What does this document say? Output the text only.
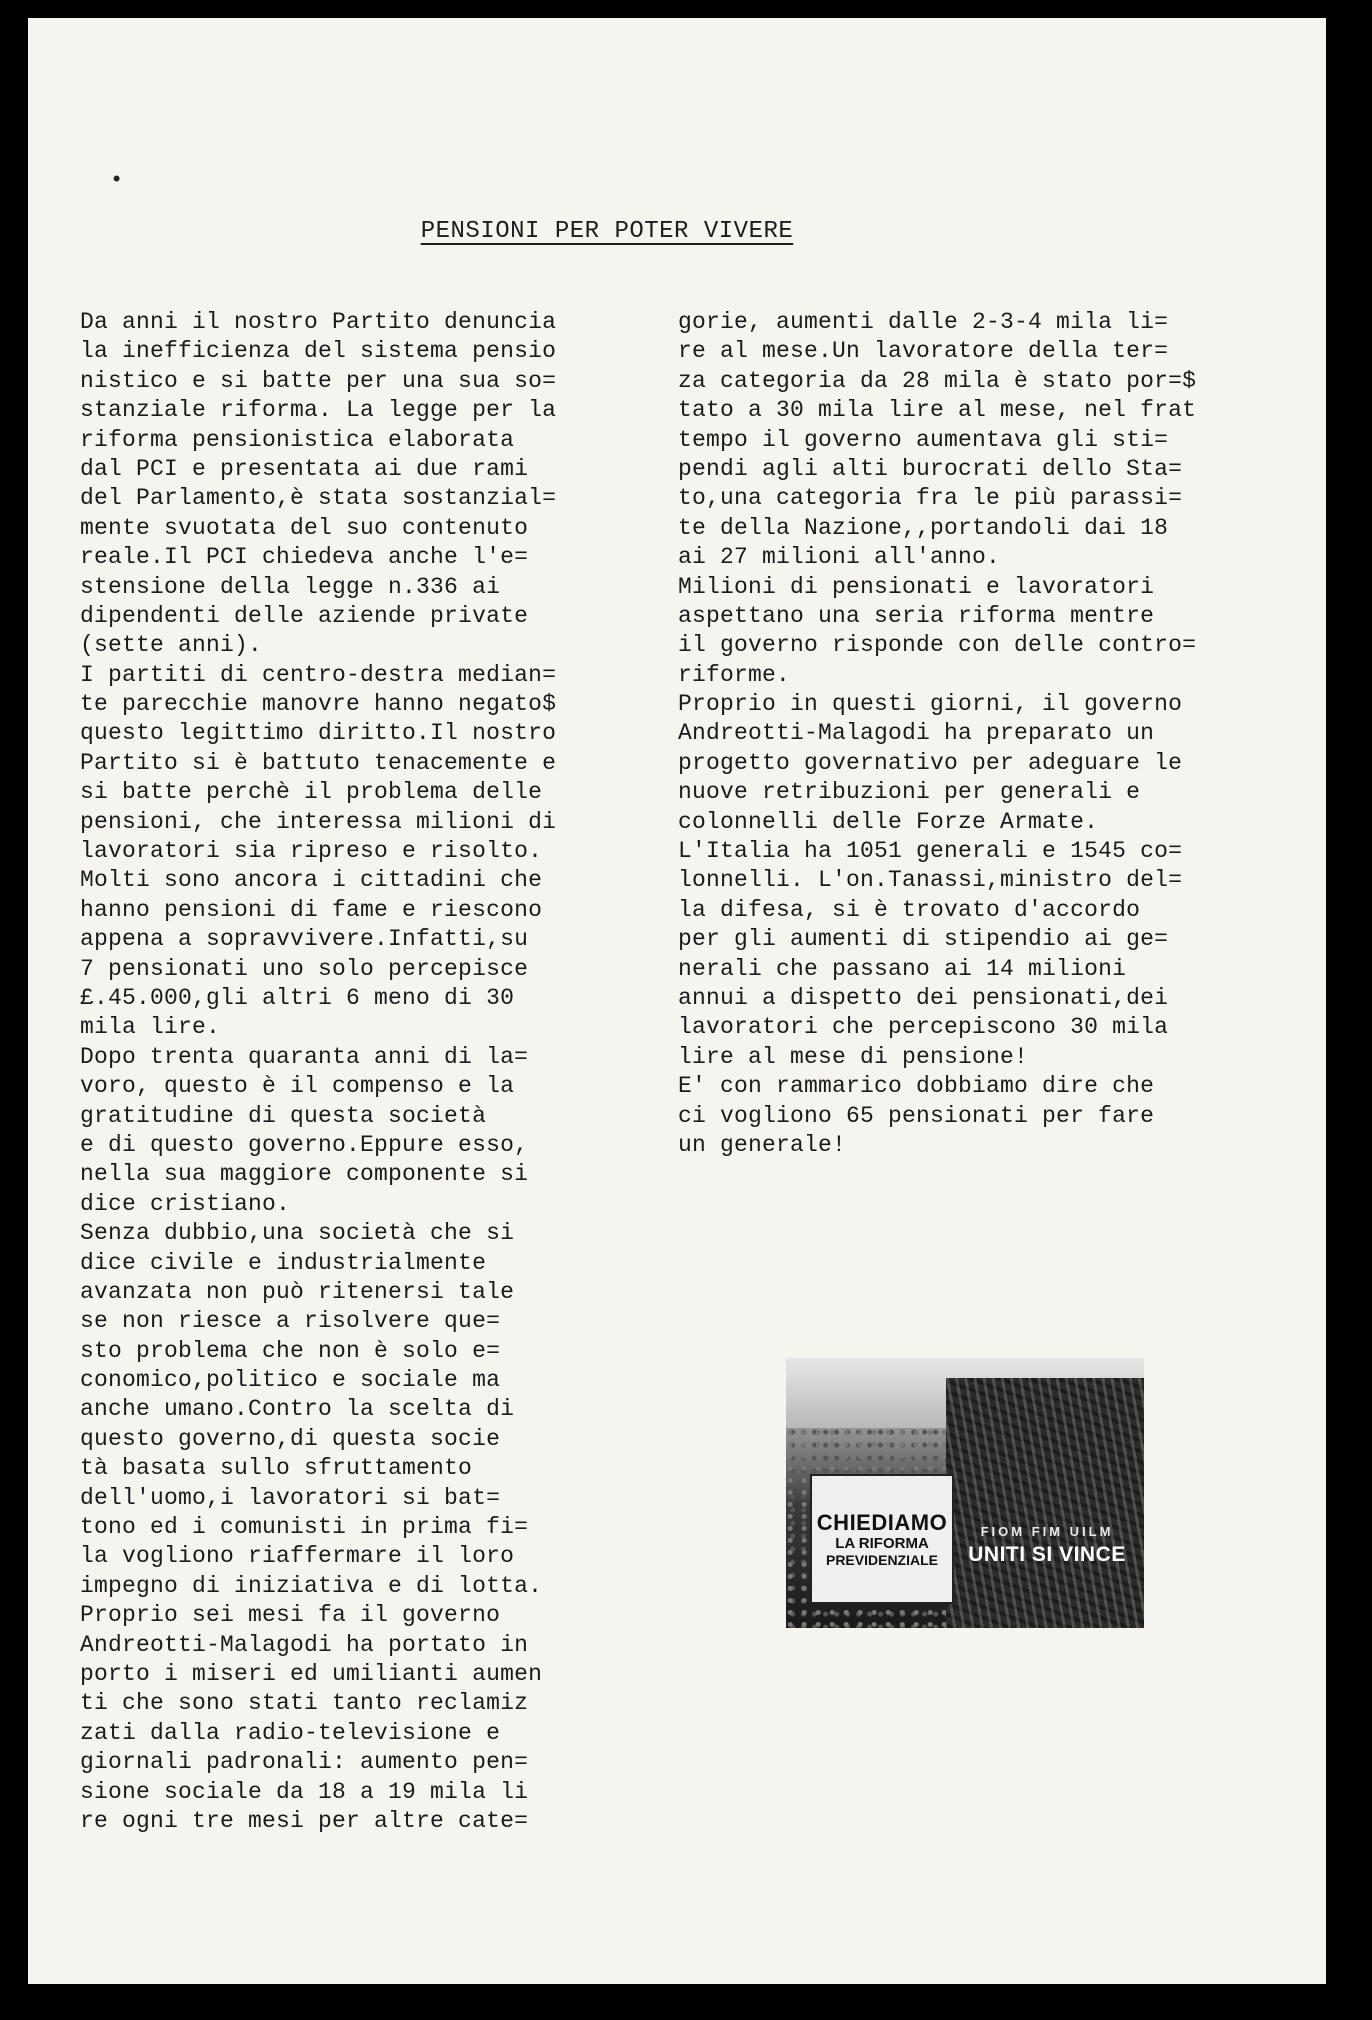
•
PENSIONI PER POTER VIVERE
Da anni il nostro Partito denuncia
la inefficienza del sistema pensio
nistico e si batte per una sua so=
stanziale riforma. La legge per la
riforma pensionistica elaborata
dal PCI e presentata ai due rami
del Parlamento,è stata sostanzial=
mente svuotata del suo contenuto
reale.Il PCI chiedeva anche l'e=
stensione della legge n.336 ai
dipendenti delle aziende private
(sette anni).
I partiti di centro-destra median=
te parecchie manovre hanno negato$
questo legittimo diritto.Il nostro
Partito si è battuto tenacemente e
si batte perchè il problema delle
pensioni, che interessa milioni di
lavoratori sia ripreso e risolto.
Molti sono ancora i cittadini che
hanno pensioni di fame e riescono
appena a sopravvivere.Infatti,su
7 pensionati uno solo percepisce
£.45.000,gli altri 6 meno di 30
mila lire.
Dopo trenta quaranta anni di la=
voro, questo è il compenso e la
gratitudine di questa società
e di questo governo.Eppure esso,
nella sua maggiore componente si
dice cristiano.
Senza dubbio,una società che si
dice civile e industrialmente
avanzata non può ritenersi tale
se non riesce a risolvere que=
sto problema che non è solo e=
conomico,politico e sociale ma
anche umano.Contro la scelta di
questo governo,di questa socie
tà basata sullo sfruttamento
dell'uomo,i lavoratori si bat=
tono ed i comunisti in prima fi=
la vogliono riaffermare il loro
impegno di iniziativa e di lotta.
Proprio sei mesi fa il governo
Andreotti-Malagodi ha portato in
porto i miseri ed umilianti aumen
ti che sono stati tanto reclamiz
zati dalla radio-televisione e
giornali padronali: aumento pen=
sione sociale da 18 a 19 mila li
re ogni tre mesi per altre cate=
gorie, aumenti dalle 2-3-4 mila li=
re al mese.Un lavoratore della ter=
za categoria da 28 mila è stato por=$
tato a 30 mila lire al mese, nel frat
tempo il governo aumentava gli sti=
pendi agli alti burocrati dello Sta=
to,una categoria fra le più parassi=
te della Nazione,,portandoli dai 18
ai 27 milioni all'anno.
Milioni di pensionati e lavoratori
aspettano una seria riforma mentre
il governo risponde con delle contro=
riforme.
Proprio in questi giorni, il governo
Andreotti-Malagodi ha preparato un
progetto governativo per adeguare le
nuove retribuzioni per generali e
colonnelli delle Forze Armate.
L'Italia ha 1051 generali e 1545 co=
lonnelli. L'on.Tanassi,ministro del=
la difesa, si è trovato d'accordo
per gli aumenti di stipendio ai ge=
nerali che passano ai 14 milioni
annui a dispetto dei pensionati,dei
lavoratori che percepiscono 30 mila
lire al mese di pensione!
E' con rammarico dobbiamo dire che
ci vogliono 65 pensionati per fare
un generale!
CHIEDIAMO
LA RIFORMA
PREVIDENZIALE
FIOM FIM UILM
UNITI SI VINCE
